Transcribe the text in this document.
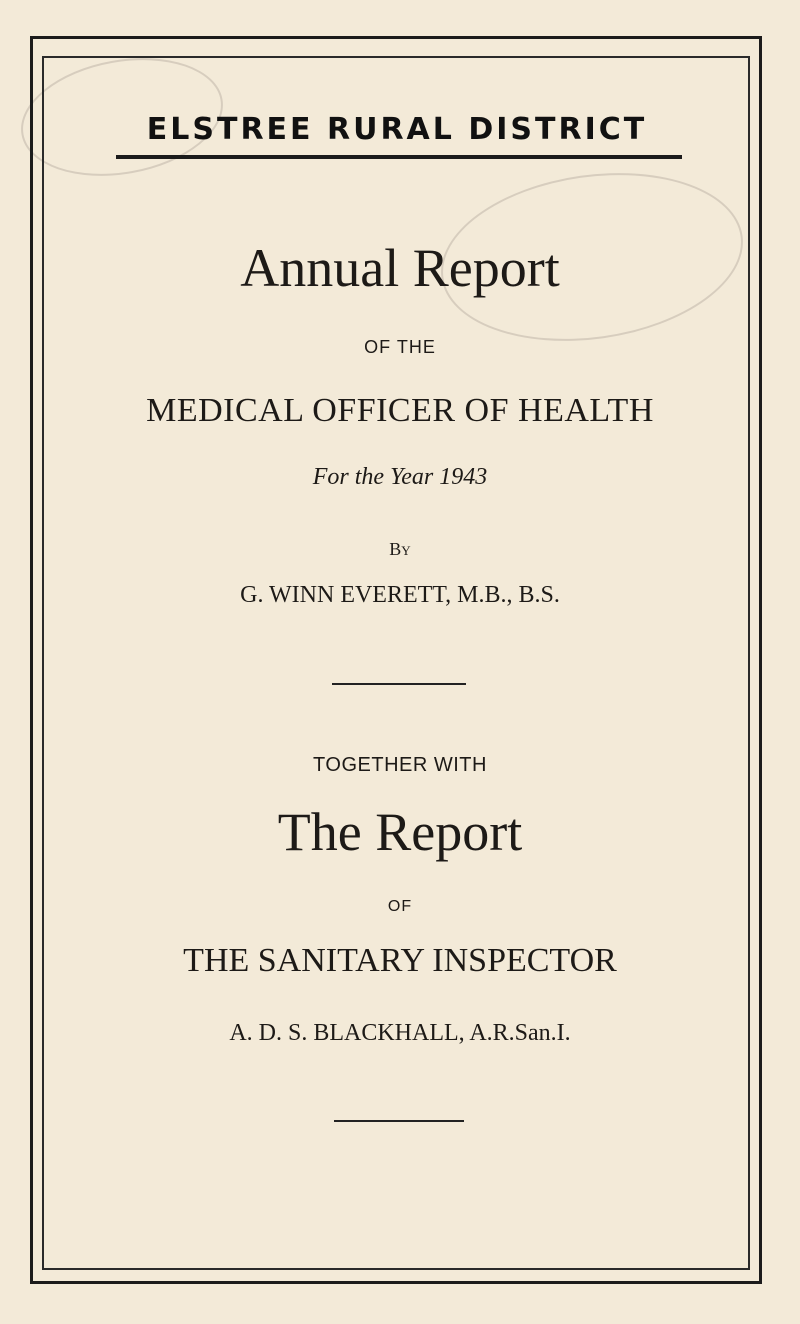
ELSTREE RURAL DISTRICT
Annual Report
OF THE
MEDICAL OFFICER OF HEALTH
For the Year 1943
By
G. WINN EVERETT, M.B., B.S.
TOGETHER WITH
The Report
OF
THE SANITARY INSPECTOR
A. D. S. BLACKHALL, A.R.San.I.
